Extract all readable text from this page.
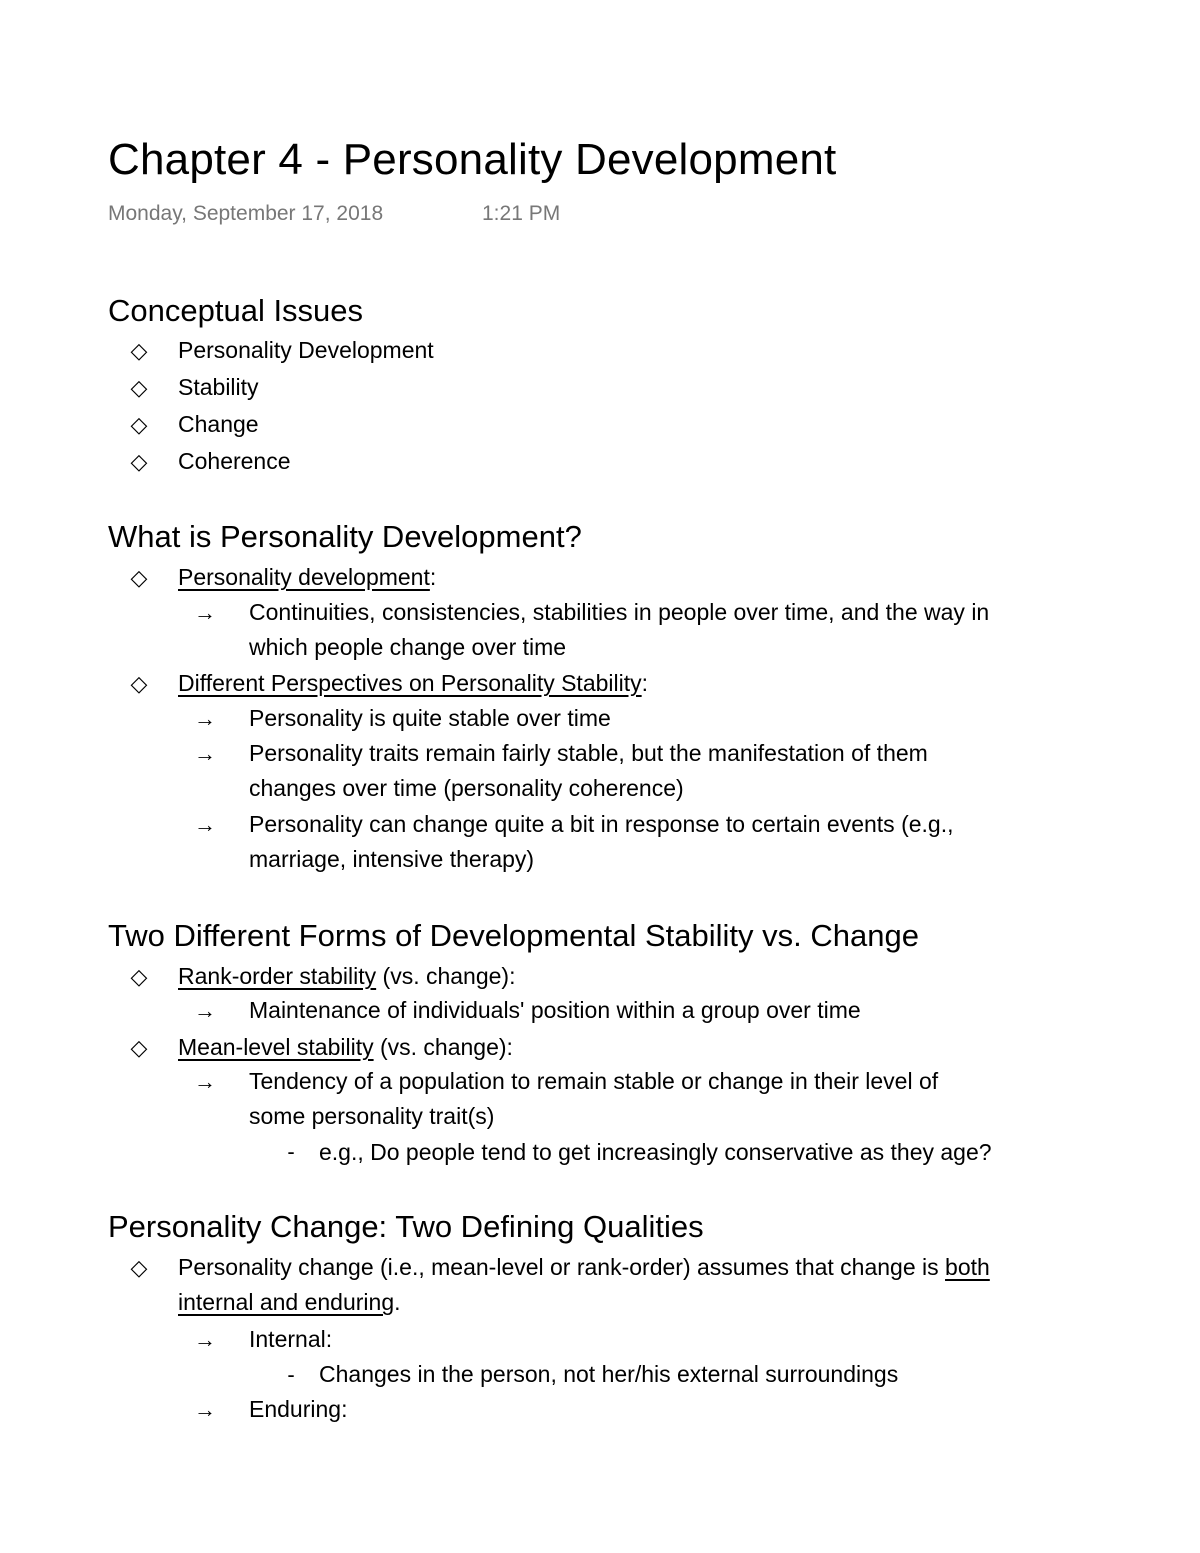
Chapter 4 - Personality Development
Monday, September 17, 2018	1:21 PM
Conceptual Issues
◇ Personality Development
◇ Stability
◇ Change
◇ Coherence
What is Personality Development?
◇ Personality development:
→ Continuities, consistencies, stabilities in people over time, and the way in
which people change over time
◇ Different Perspectives on Personality Stability:
→ Personality is quite stable over time
→ Personality traits remain fairly stable, but the manifestation of them
changes over time (personality coherence)
→ Personality can change quite a bit in response to certain events (e.g.,
marriage, intensive therapy)
Two Different Forms of Developmental Stability vs. Change
◇ Rank-order stability (vs. change):
→ Maintenance of individuals' position within a group over time
◇ Mean-level stability (vs. change):
→ Tendency of a population to remain stable or change in their level of
some personality trait(s)
-	e.g., Do people tend to get increasingly conservative as they age?
Personality Change: Two Defining Qualities
◇ Personality change (i.e., mean-level or rank-order) assumes that change is both
internal and enduring.
→ Internal:
-	Changes in the person, not her/his external surroundings
→ Enduring:
